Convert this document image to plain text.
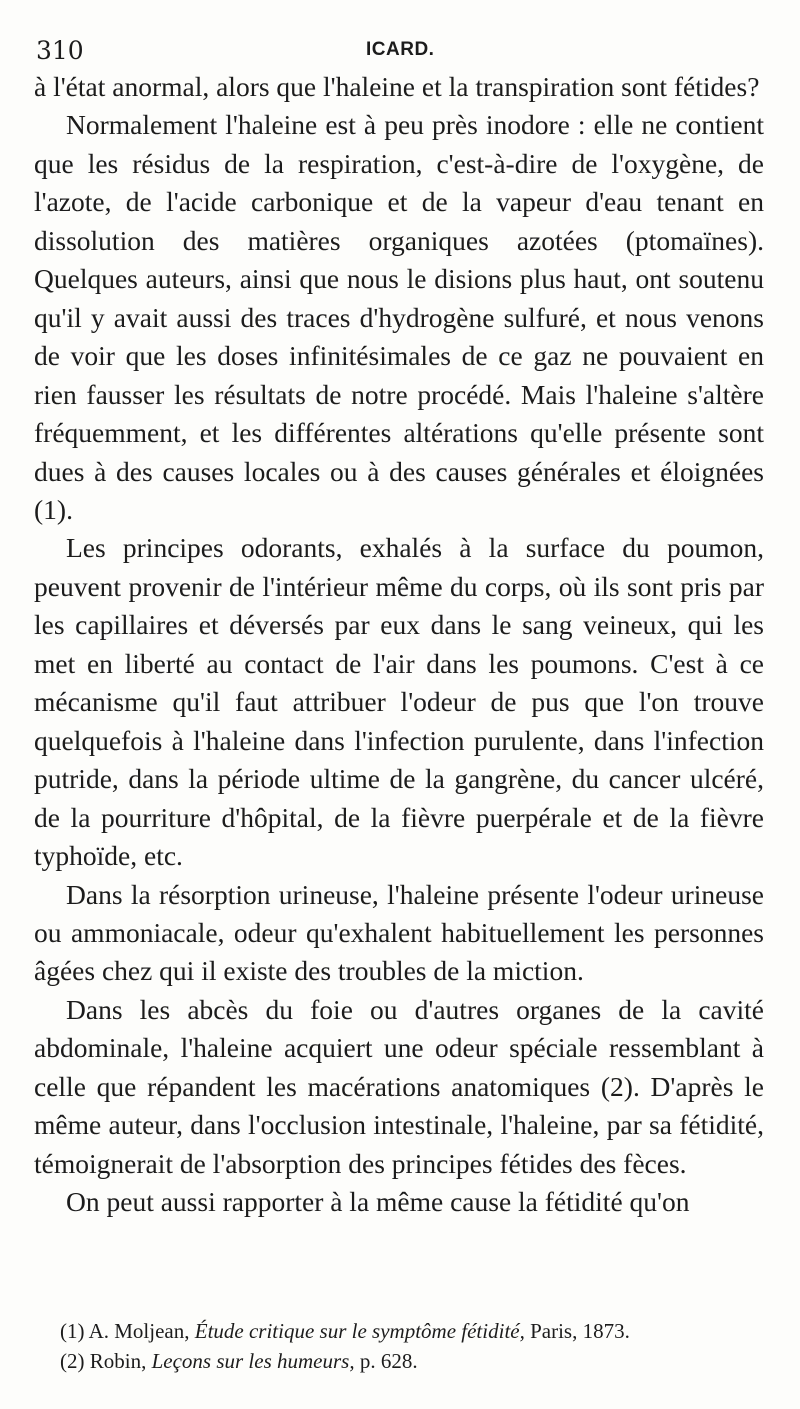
310	ICARD.

à l'état anormal, alors que l'haleine et la transpiration sont fétides?

Normalement l'haleine est à peu près inodore : elle ne contient que les résidus de la respiration, c'est-à-dire de l'oxygène, de l'azote, de l'acide carbonique et de la vapeur d'eau tenant en dissolution des matières organiques azotées (ptomaïnes). Quelques auteurs, ainsi que nous le disions plus haut, ont soutenu qu'il y avait aussi des traces d'hydrogène sulfuré, et nous venons de voir que les doses infinitésimales de ce gaz ne pouvaient en rien fausser les résultats de notre procédé. Mais l'haleine s'altère fréquemment, et les différentes altérations qu'elle présente sont dues à des causes locales ou à des causes générales et éloignées (1).

Les principes odorants, exhalés à la surface du poumon, peuvent provenir de l'intérieur même du corps, où ils sont pris par les capillaires et déversés par eux dans le sang veineux, qui les met en liberté au contact de l'air dans les poumons. C'est à ce mécanisme qu'il faut attribuer l'odeur de pus que l'on trouve quelquefois à l'haleine dans l'infection purulente, dans l'infection putride, dans la période ultime de la gangrène, du cancer ulcéré, de la pourriture d'hôpital, de la fièvre puerpérale et de la fièvre typhoïde, etc.

Dans la résorption urineuse, l'haleine présente l'odeur urineuse ou ammoniacale, odeur qu'exhalent habituellement les personnes âgées chez qui il existe des troubles de la miction.

Dans les abcès du foie ou d'autres organes de la cavité abdominale, l'haleine acquiert une odeur spéciale ressemblant à celle que répandent les macérations anatomiques (2). D'après le même auteur, dans l'occlusion intestinale, l'haleine, par sa fétidité, témoignerait de l'absorption des principes fétides des fèces.

On peut aussi rapporter à la même cause la fétidité qu'on

(1) A. Moljean, Étude critique sur le symptôme fétidité, Paris, 1873.
(2) Robin, Leçons sur les humeurs, p. 628.
